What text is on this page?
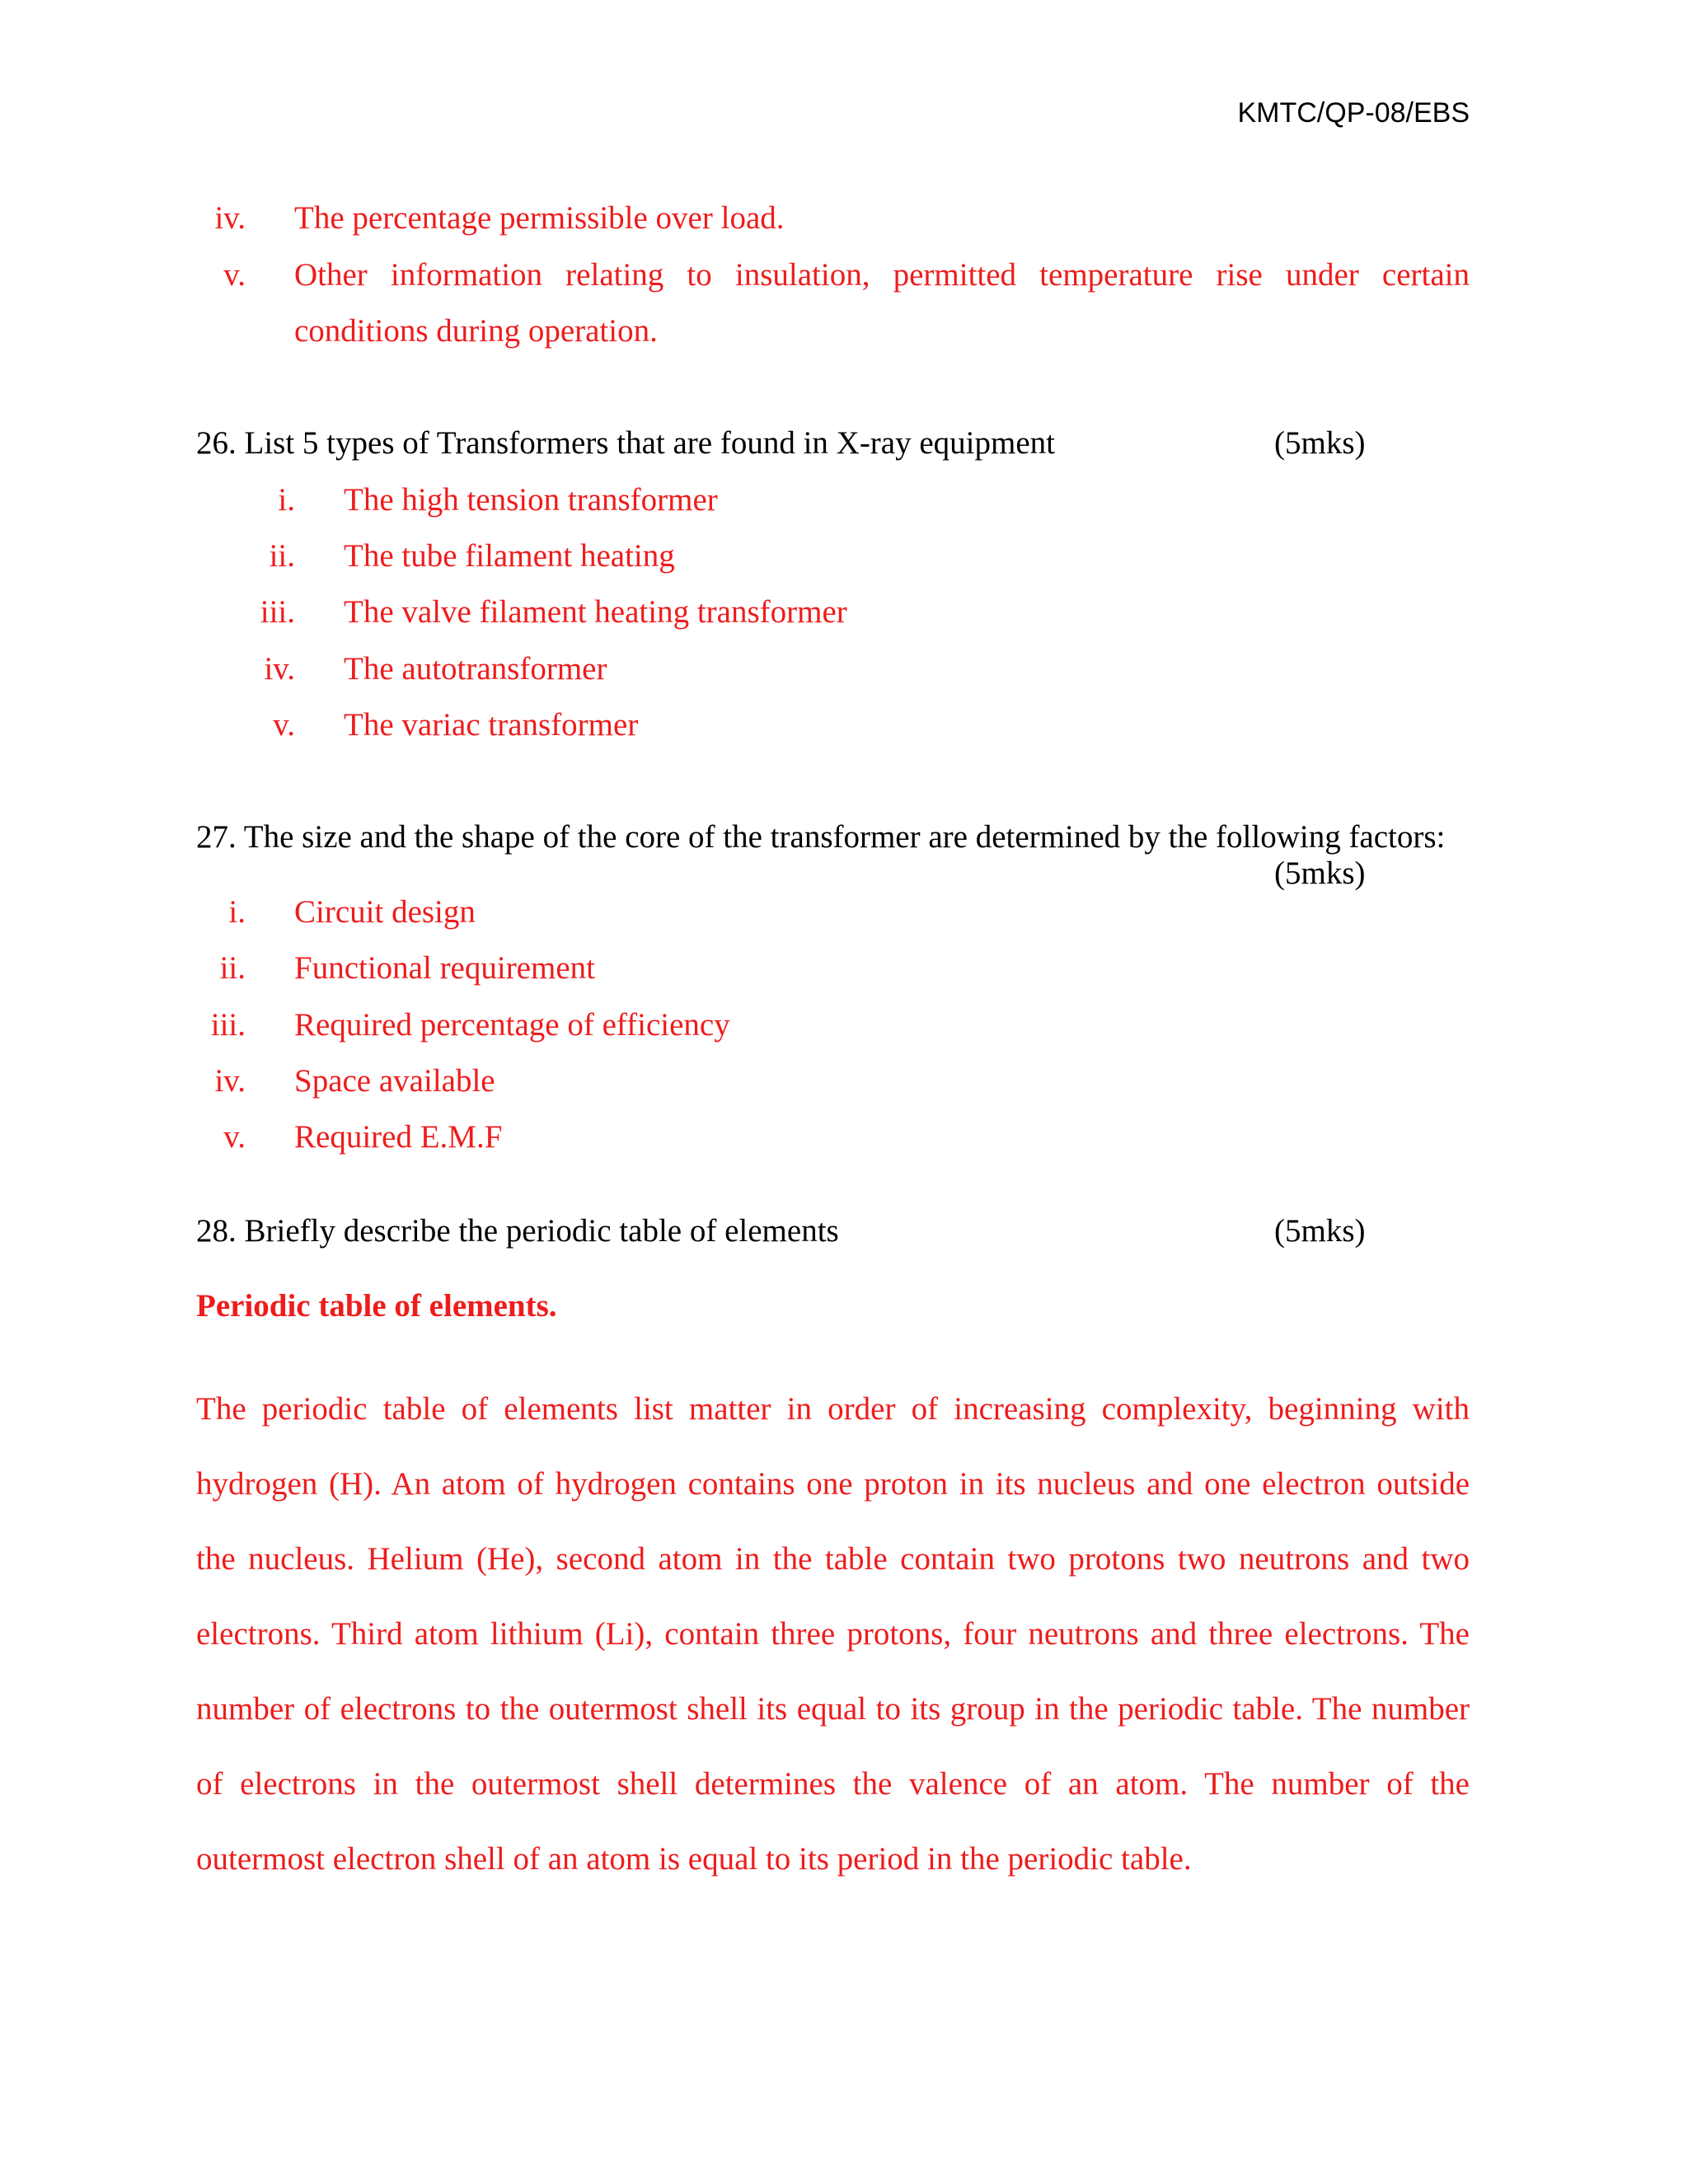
KMTC/QP-08/EBS
iv. The percentage permissible over load.
v. Other information relating to insulation, permitted temperature rise under certain
conditions during operation.
26. List 5 types of Transformers that are found in X-ray equipment	(5mks)
i. The high tension transformer
ii. The tube filament heating
iii. The valve filament heating transformer
iv. The autotransformer
v. The variac transformer
27. The size and the shape of the core of the transformer are determined by the following factors:
(5mks)
i. Circuit design
ii. Functional requirement
iii. Required percentage of efficiency
iv. Space available
v. Required E.M.F
28. Briefly describe the periodic table of elements	(5mks)
Periodic table of elements.
The periodic table of elements list matter in order of increasing complexity, beginning with
hydrogen (H). An atom of hydrogen contains one proton in its nucleus and one electron outside
the nucleus. Helium (He), second atom in the table contain two protons two neutrons and two
electrons. Third atom lithium (Li), contain three protons, four neutrons and three electrons. The
number of electrons to the outermost shell its equal to its group in the periodic table. The number
of electrons in the outermost shell determines the valence of an atom. The number of the
outermost electron shell of an atom is equal to its period in the periodic table.
